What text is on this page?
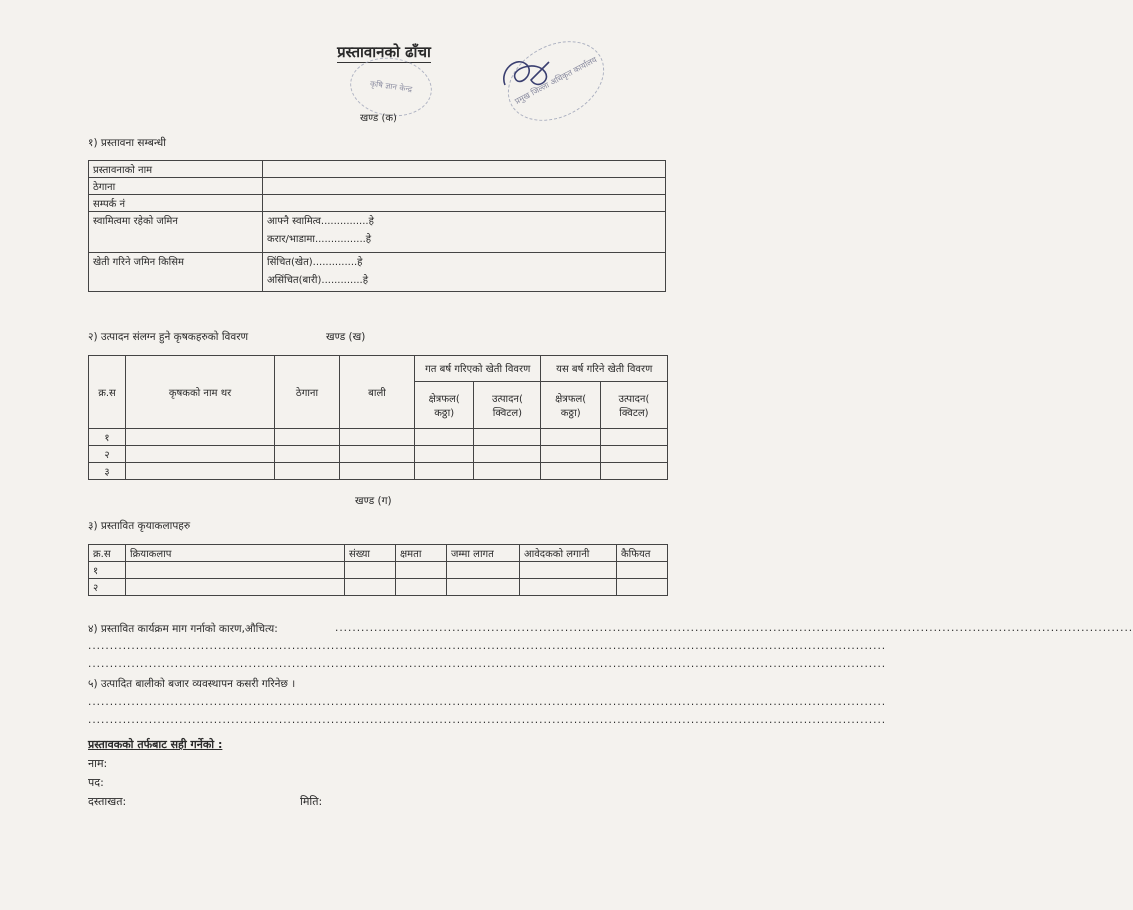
प्रस्तावानको ढाँचा
कृषि ज्ञान केन्द्र	प्रमुख जिल्ला अधिकृत कार्यालय
खण्ड (क)
१) प्रस्तावना सम्बन्धी
प्रस्तावनाको नाम	
ठेगाना	
सम्पर्क नं	
स्वामित्वमा रहेको जमिन	आफ्नै स्वामित्व...............हे
करार/भाडामा................हे

खेती गरिने जमिन किसिम	सिंचित(खेत)..............हे
असिंचित(बारी).............हे
२) उत्पादन संलग्न हुने कृषकहरुको विवरण	खण्ड (ख)
क्र.स	कृषकको नाम थर	ठेगाना	बाली	गत बर्ष गरिएको खेती विवरण		यस बर्ष गरिने खेती विवरण	
				क्षेत्रफल( कठ्ठा)	उत्पादन( क्विटल)	क्षेत्रफल( कठ्ठा)	उत्पादन( क्विटल)
१							
२							
३							
खण्ड (ग)
३) प्रस्तावित कृयाकलापहरु
क्र.स	क्रियाकलाप	संख्या	क्षमता	जम्मा लागत	आवेदकको लगानी	कैफियत
१						
२						
४) प्रस्तावित कार्यक्रम माग गर्नाको कारण,औचित्य:	........................................................................................................................................................................................
........................................................................................................................................................................................
........................................................................................................................................................................................
५) उत्पादित बालीको बजार व्यवस्थापन कसरी गरिनेछ ।
........................................................................................................................................................................................
........................................................................................................................................................................................
प्रस्तावकको तर्फबाट सही गर्नेको :
नाम:
पद:
दस्ताखत:	मिति:
